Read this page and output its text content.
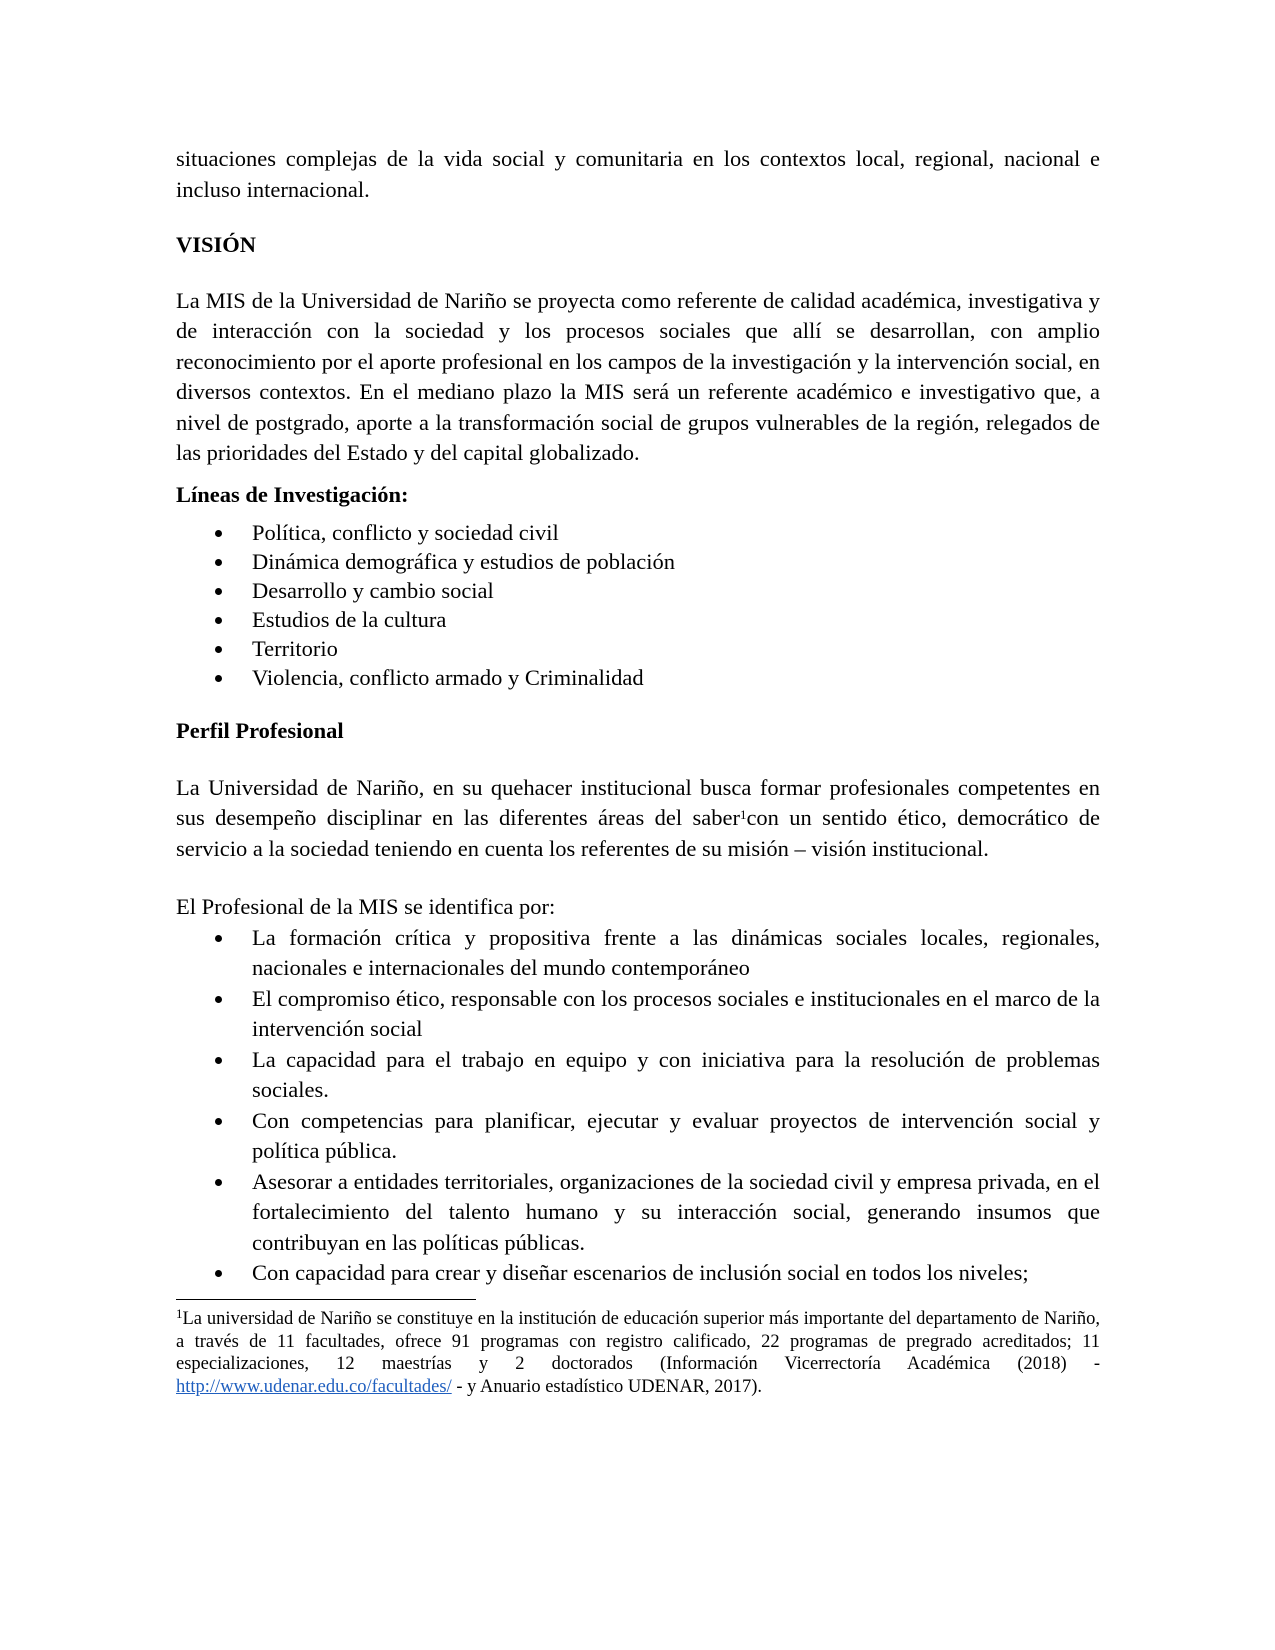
situaciones complejas de la vida social y comunitaria en los contextos local, regional, nacional e incluso internacional.

VISIÓN

La MIS de la Universidad de Nariño se proyecta como referente de calidad académica, investigativa y de interacción con la sociedad y los procesos sociales que allí se desarrollan, con amplio reconocimiento por el aporte profesional en los campos de la investigación y la intervención social, en diversos contextos. En el mediano plazo la MIS será un referente académico e investigativo que, a nivel de postgrado, aporte a la transformación social de grupos vulnerables de la región, relegados de las prioridades del Estado y del capital globalizado.

Líneas de Investigación:

Política, conflicto y sociedad civil
Dinámica demográfica y estudios de población
Desarrollo y cambio social
Estudios de la cultura
Territorio
Violencia, conflicto armado y Criminalidad

Perfil Profesional

La Universidad de Nariño, en su quehacer institucional busca formar profesionales competentes en sus desempeño disciplinar en las diferentes áreas del saber$^1$con un sentido ético, democrático de servicio a la sociedad teniendo en cuenta los referentes de su misión – visión institucional.

El Profesional de la MIS se identifica por:

La formación crítica y propositiva frente a las dinámicas sociales locales, regionales, nacionales e internacionales del mundo contemporáneo
El compromiso ético, responsable con los procesos sociales e institucionales en el marco de la intervención social
La capacidad para el trabajo en equipo y con iniciativa para la resolución de problemas sociales.
Con competencias para planificar, ejecutar y evaluar proyectos de intervención social y política pública.
Asesorar a entidades territoriales, organizaciones de la sociedad civil y empresa privada, en el fortalecimiento del talento humano y su interacción social, generando insumos que contribuyan en las políticas públicas.
Con capacidad para crear y diseñar escenarios de inclusión social en todos los niveles;

$^1$La universidad de Nariño se constituye en la institución de educación superior más importante del departamento de Nariño, a través de 11 facultades, ofrece 91 programas con registro calificado, 22 programas de pregrado acreditados; 11 especializaciones, 12 maestrías y 2 doctorados (Información Vicerrectoría Académica (2018) - http://www.udenar.edu.co/facultades/ - y Anuario estadístico UDENAR, 2017).
